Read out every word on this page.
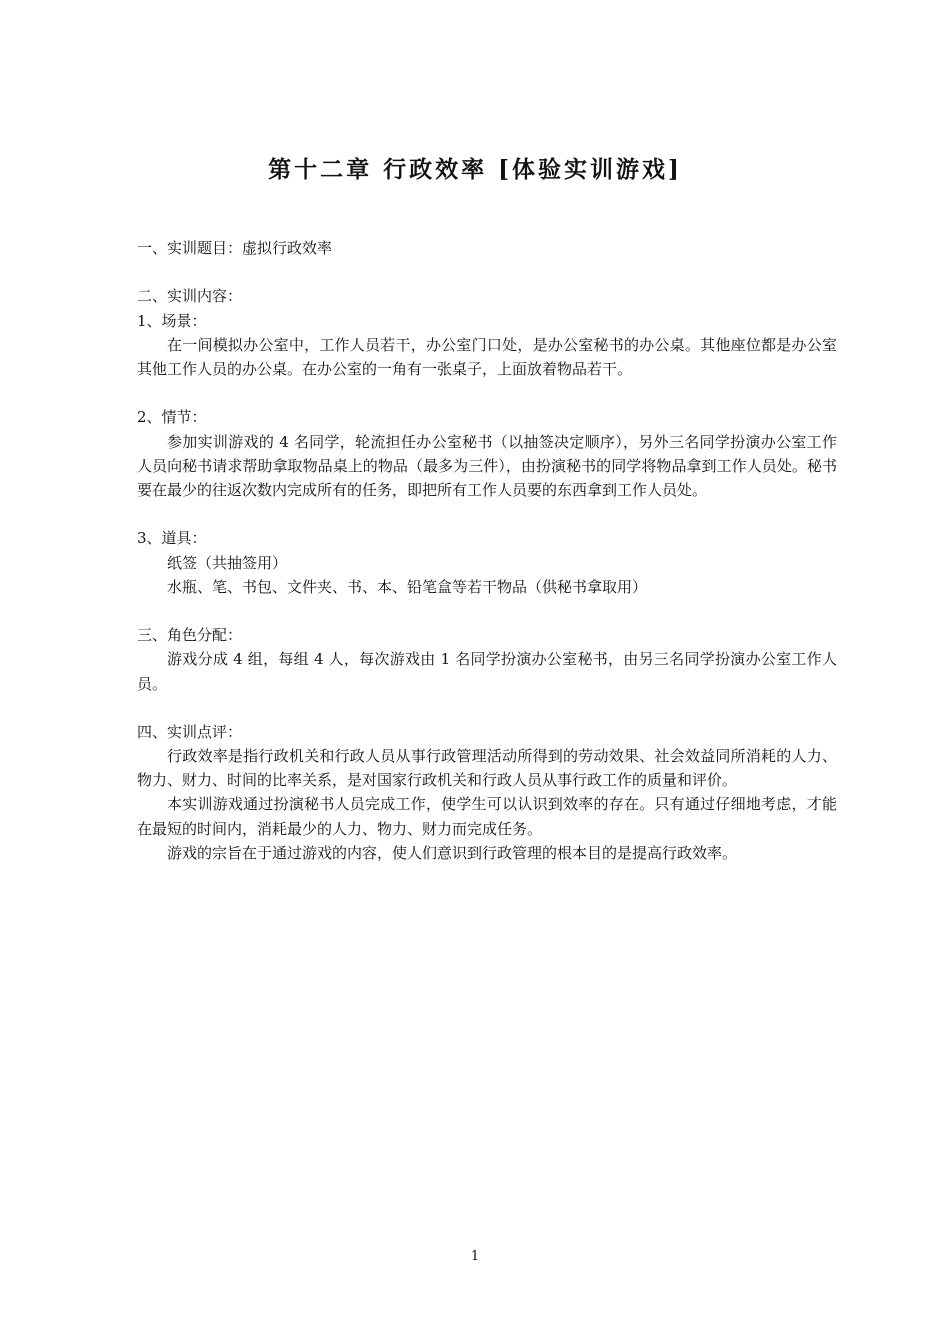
第十二章 行政效率 [体验实训游戏]
一、实训题目：虚拟行政效率
二、实训内容：
1、场景：
在一间模拟办公室中，工作人员若干，办公室门口处，是办公室秘书的办公桌。其他座位都是办公室其他工作人员的办公桌。在办公室的一角有一张桌子，上面放着物品若干。
2、情节：
参加实训游戏的 4 名同学，轮流担任办公室秘书（以抽签决定顺序），另外三名同学扮演办公室工作人员向秘书请求帮助拿取物品桌上的物品（最多为三件），由扮演秘书的同学将物品拿到工作人员处。秘书要在最少的往返次数内完成所有的任务，即把所有工作人员要的东西拿到工作人员处。
3、道具：
纸签（共抽签用）
水瓶、笔、书包、文件夹、书、本、铅笔盒等若干物品（供秘书拿取用）
三、角色分配：
游戏分成 4 组，每组 4 人，每次游戏由 1 名同学扮演办公室秘书，由另三名同学扮演办公室工作人员。
四、实训点评：
行政效率是指行政机关和行政人员从事行政管理活动所得到的劳动效果、社会效益同所消耗的人力、物力、财力、时间的比率关系，是对国家行政机关和行政人员从事行政工作的质量和评价。
本实训游戏通过扮演秘书人员完成工作，使学生可以认识到效率的存在。只有通过仔细地考虑，才能在最短的时间内，消耗最少的人力、物力、财力而完成任务。
游戏的宗旨在于通过游戏的内容，使人们意识到行政管理的根本目的是提高行政效率。
1
